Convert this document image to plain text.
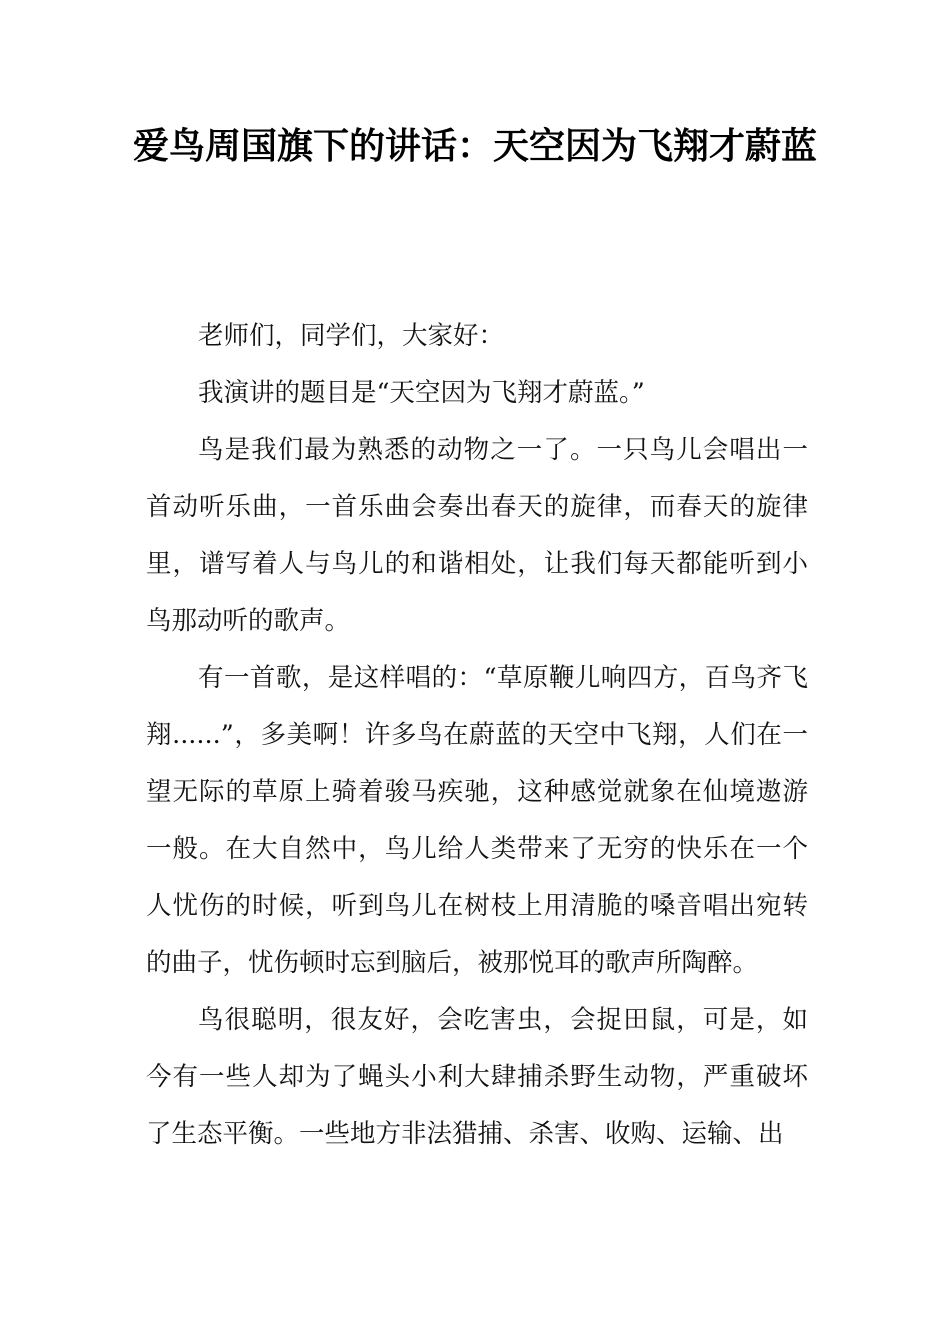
爱鸟周国旗下的讲话：天空因为飞翔才蔚蓝

老师们，同学们，大家好：

我演讲的题目是“天空因为飞翔才蔚蓝。”

鸟是我们最为熟悉的动物之一了。一只鸟儿会唱出一首动听乐曲，一首乐曲会奏出春天的旋律，而春天的旋律里，谱写着人与鸟儿的和谐相处，让我们每天都能听到小鸟那动听的歌声。

有一首歌，是这样唱的：“草原鞭儿响四方，百鸟齐飞翔......”，多美啊！许多鸟在蔚蓝的天空中飞翔，人们在一望无际的草原上骑着骏马疾驰，这种感觉就象在仙境遨游一般。在大自然中，鸟儿给人类带来了无穷的快乐在一个人忧伤的时候，听到鸟儿在树枝上用清脆的嗓音唱出宛转的曲子，忧伤顿时忘到脑后，被那悦耳的歌声所陶醉。

鸟很聪明，很友好，会吃害虫，会捉田鼠，可是，如今有一些人却为了蝇头小利大肆捕杀野生动物，严重破坏了生态平衡。一些地方非法猎捕、杀害、收购、运输、出
